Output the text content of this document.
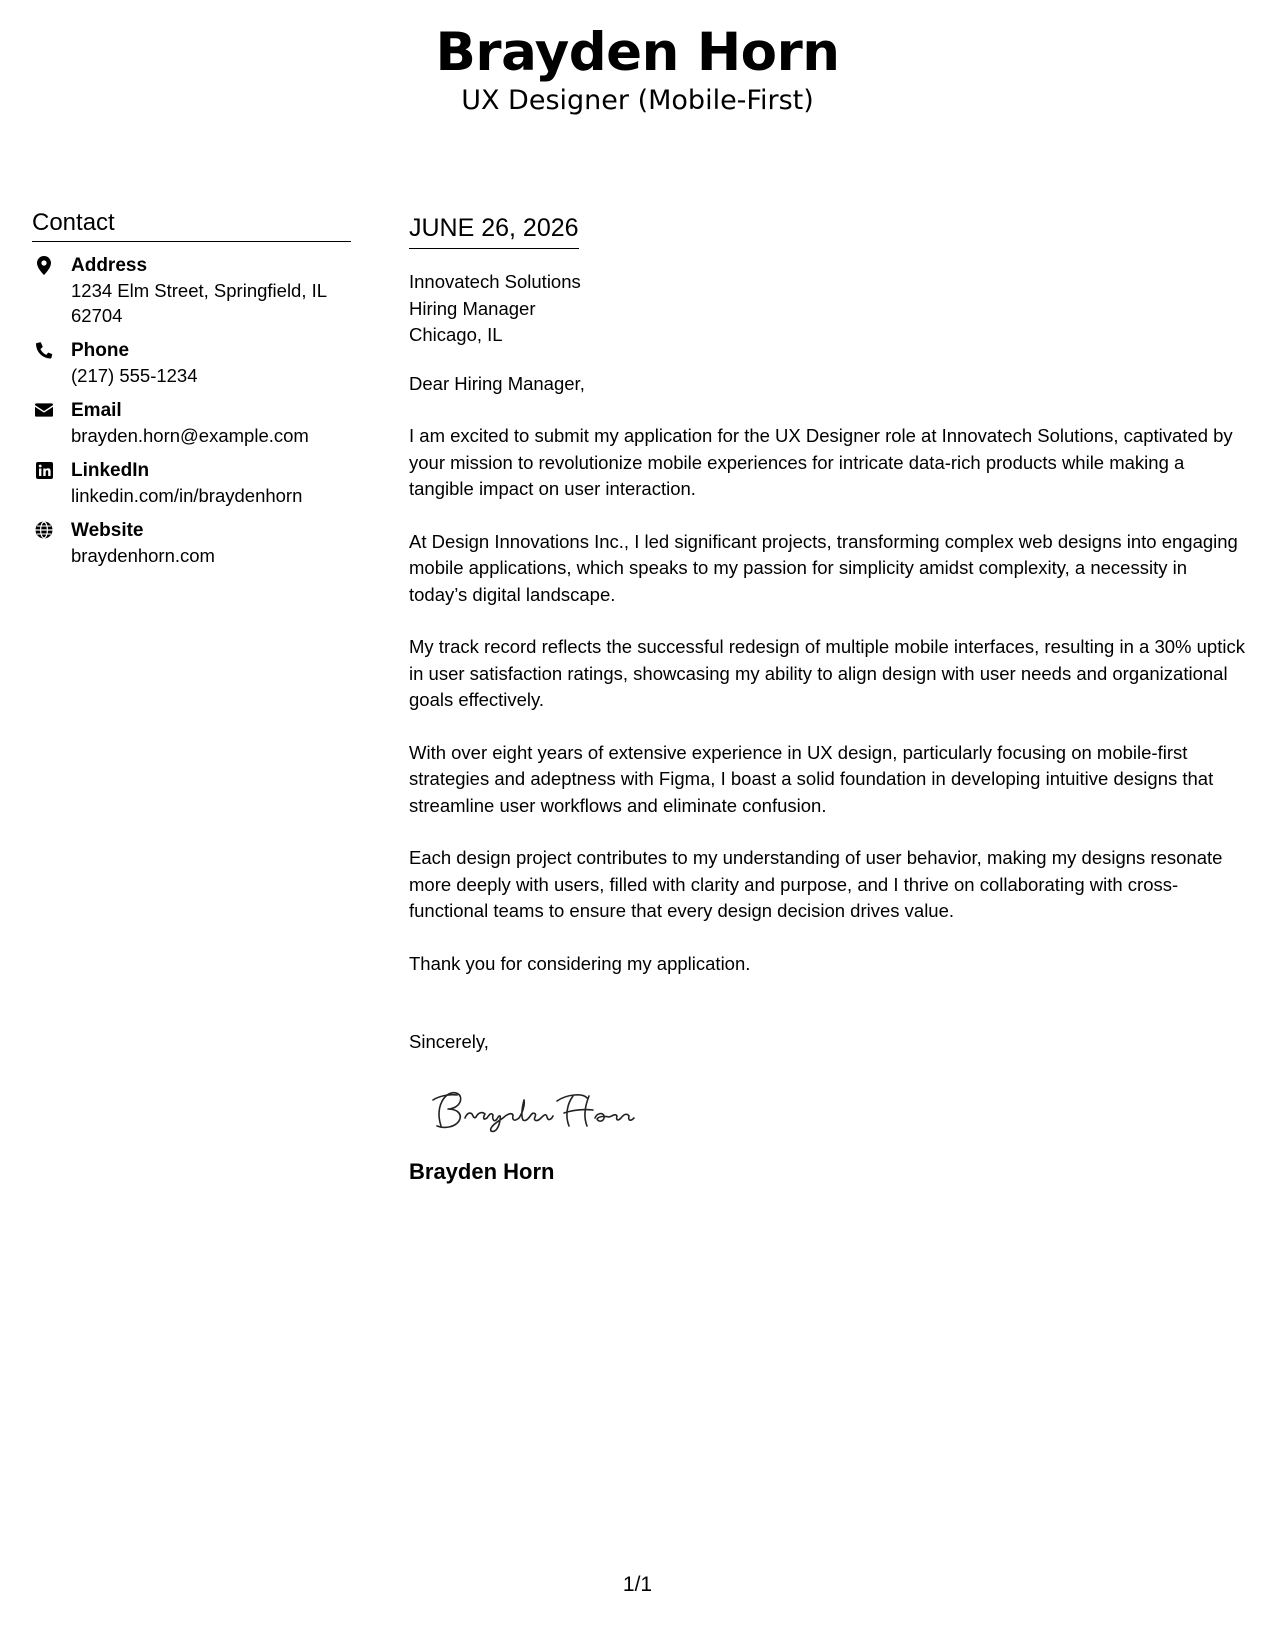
Brayden Horn
UX Designer (Mobile-First)
Contact
Address
1234 Elm Street, Springfield, IL 62704
Phone
(217) 555-1234
Email
brayden.horn@example.com
LinkedIn
linkedin.com/in/braydenhorn
Website
braydenhorn.com
JUNE 26, 2026
Innovatech Solutions
Hiring Manager
Chicago, IL
Dear Hiring Manager,
I am excited to submit my application for the UX Designer role at Innovatech Solutions, captivated by your mission to revolutionize mobile experiences for intricate data-rich products while making a tangible impact on user interaction.
At Design Innovations Inc., I led significant projects, transforming complex web designs into engaging mobile applications, which speaks to my passion for simplicity amidst complexity, a necessity in today’s digital landscape.
My track record reflects the successful redesign of multiple mobile interfaces, resulting in a 30% uptick in user satisfaction ratings, showcasing my ability to align design with user needs and organizational goals effectively.
With over eight years of extensive experience in UX design, particularly focusing on mobile-first strategies and adeptness with Figma, I boast a solid foundation in developing intuitive designs that streamline user workflows and eliminate confusion.
Each design project contributes to my understanding of user behavior, making my designs resonate more deeply with users, filled with clarity and purpose, and I thrive on collaborating with cross-functional teams to ensure that every design decision drives value.
Thank you for considering my application.
Sincerely,
Brayden Horn
1/1
